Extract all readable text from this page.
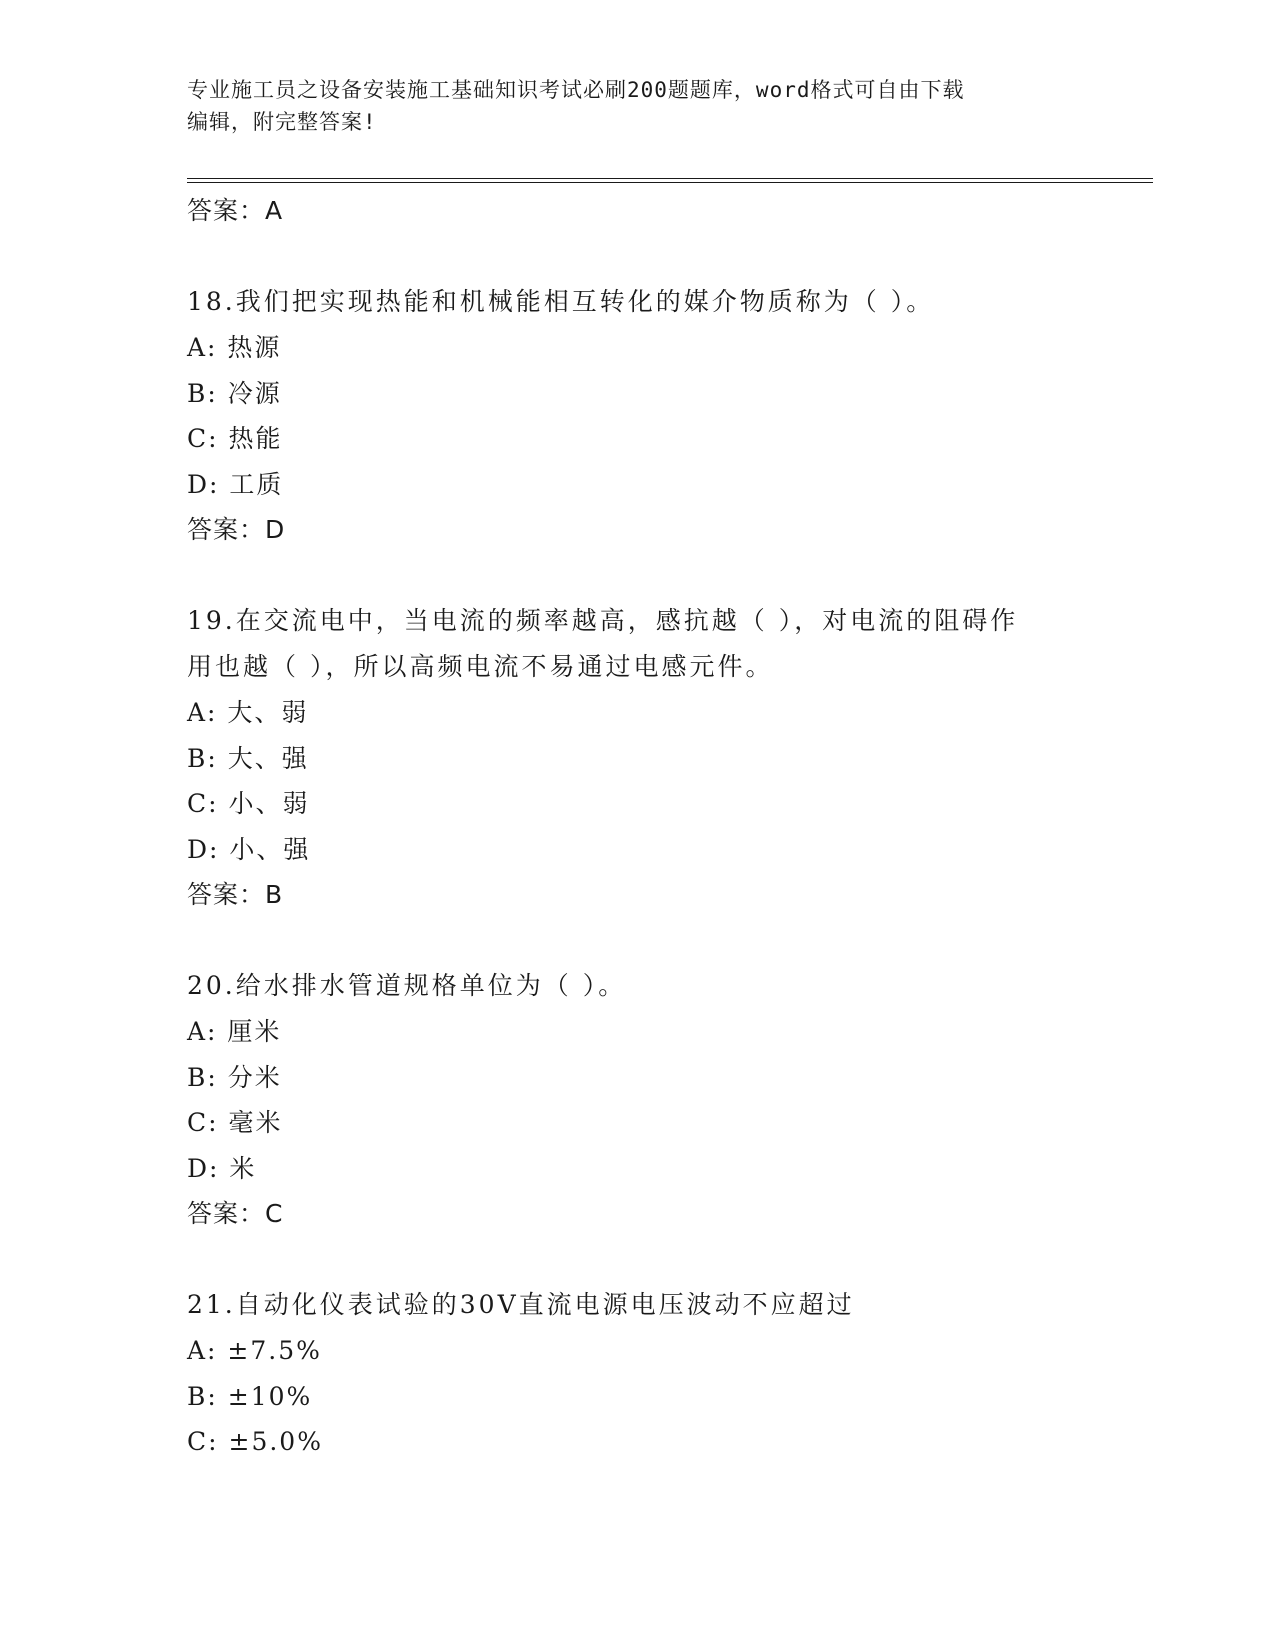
专业施工员之设备安装施工基础知识考试必刷200题题库，word格式可自由下载
编辑，附完整答案!
答案：A
18.我们把实现热能和机械能相互转化的媒介物质称为（ ）。
A: 热源
B: 冷源
C: 热能
D: 工质
答案：D
19.在交流电中，当电流的频率越高，感抗越（ ），对电流的阻碍作
用也越（ ），所以高频电流不易通过电感元件。
A: 大、弱
B: 大、强
C: 小、弱
D: 小、强
答案：B
20.给水排水管道规格单位为（ ）。
A: 厘米
B: 分米
C: 毫米
D: 米
答案：C
21.自动化仪表试验的30V直流电源电压波动不应超过
A: ±7.5%
B: ±10%
C: ±5.0%
